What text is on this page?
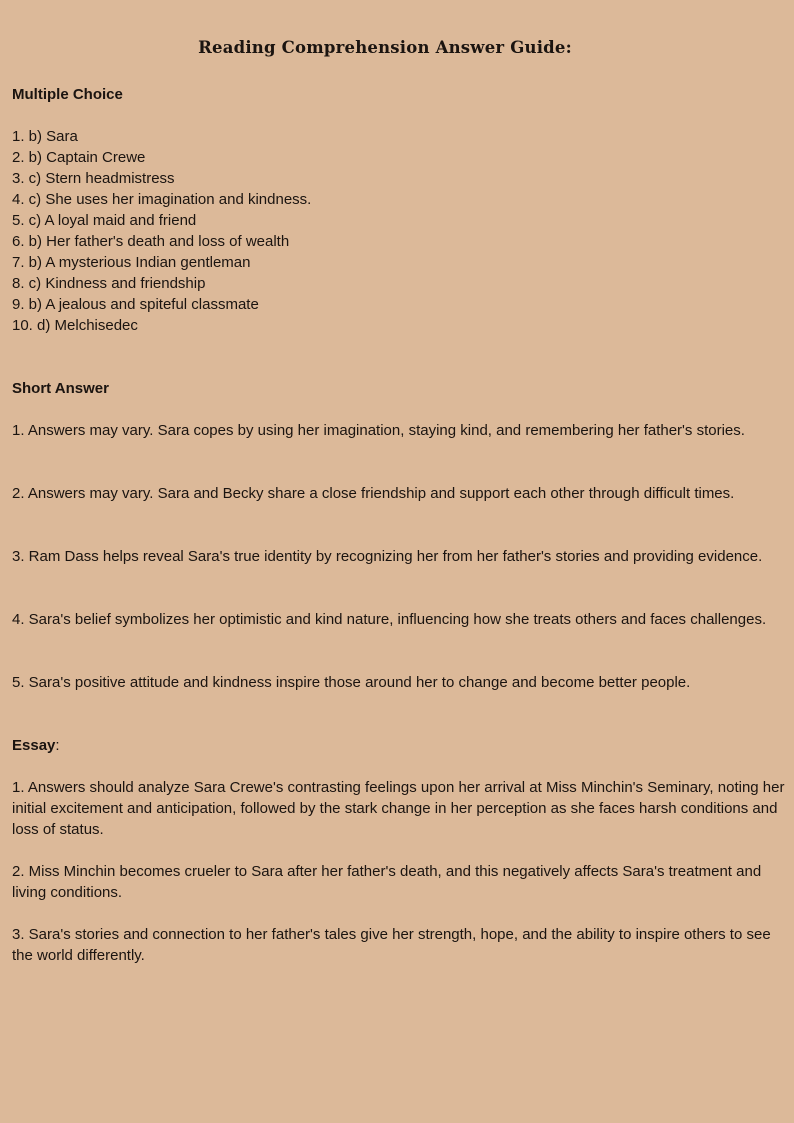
Reading Comprehension Answer Guide:
Multiple Choice
1. b) Sara
2. b) Captain Crewe
3. c) Stern headmistress
4. c) She uses her imagination and kindness.
5. c) A loyal maid and friend
6. b) Her father's death and loss of wealth
7. b) A mysterious Indian gentleman
8. c) Kindness and friendship
9. b) A jealous and spiteful classmate
10. d) Melchisedec
Short Answer
1. Answers may vary. Sara copes by using her imagination, staying kind, and remembering her father's stories.
2. Answers may vary. Sara and Becky share a close friendship and support each other through difficult times.
3. Ram Dass helps reveal Sara's true identity by recognizing her from her father's stories and providing evidence.
4. Sara's belief symbolizes her optimistic and kind nature, influencing how she treats others and faces challenges.
5. Sara's positive attitude and kindness inspire those around her to change and become better people.
Essay:
1. Answers should analyze Sara Crewe's contrasting feelings upon her arrival at Miss Minchin's Seminary, noting her initial excitement and anticipation, followed by the stark change in her perception as she faces harsh conditions and loss of status.
2. Miss Minchin becomes crueler to Sara after her father's death, and this negatively affects Sara's treatment and living conditions.
3. Sara's stories and connection to her father's tales give her strength, hope, and the ability to inspire others to see the world differently.
